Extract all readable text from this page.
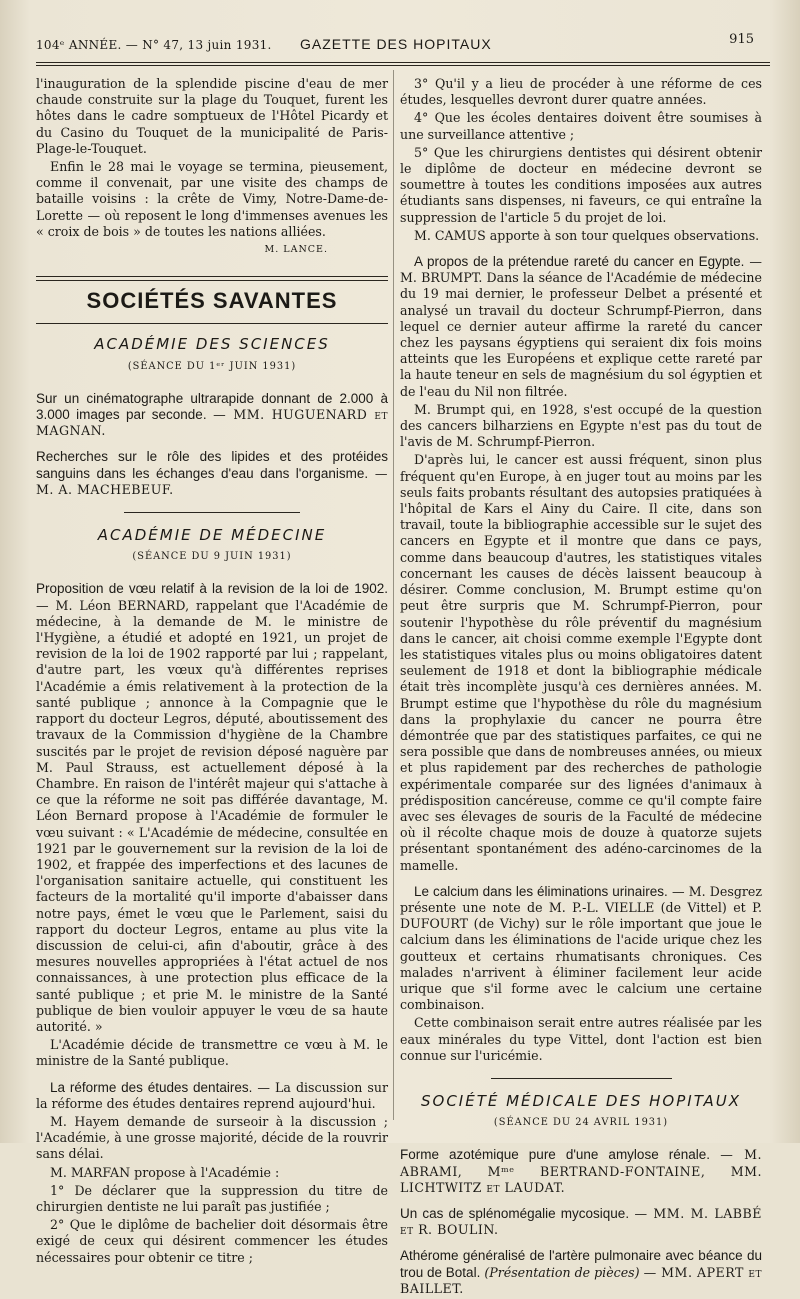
104ᵉ ANNÉE. — N° 47, 13 juin 1931. GAZETTE DES HOPITAUX	915

l'inauguration de la splendide piscine d'eau de mer chaude construite sur la plage du Touquet, furent les hôtes dans le cadre somptueux de l'Hôtel Picardy et du Casino du Touquet de la municipalité de Paris-Plage-le-Touquet.

Enfin le 28 mai le voyage se termina, pieusement, comme il convenait, par une visite des champs de bataille voisins : la crête de Vimy, Notre-Dame-de-Lorette — où reposent le long d'immenses avenues les « croix de bois » de toutes les nations alliées.

M. LANCE.
SOCIÉTÉS SAVANTES
ACADÉMIE DES SCIENCES
(SÉANCE DU 1ᵉʳ JUIN 1931)

Sur un cinématographe ultrarapide donnant de 2.000 à 3.000 images par seconde. — MM. HUGUENARD et MAGNAN.

Recherches sur le rôle des lipides et des protéides sanguins dans les échanges d'eau dans l'organisme. — M. A. MACHEBEUF.

ACADÉMIE DE MÉDECINE
(SÉANCE DU 9 JUIN 1931)

Proposition de vœu relatif à la revision de la loi de 1902. — M. Léon BERNARD, rappelant que l'Académie de médecine, à la demande de M. le ministre de l'Hygiène, a étudié et adopté en 1921, un projet de revision de la loi de 1902 rapporté par lui ; rappelant, d'autre part, les vœux qu'à différentes reprises l'Académie a émis relativement à la protection de la santé publique ; annonce à la Compagnie que le rapport du docteur Legros, député, aboutissement des travaux de la Commission d'hygiène de la Chambre suscités par le projet de revision déposé naguère par M. Paul Strauss, est actuellement déposé à la Chambre. En raison de l'intérêt majeur qui s'attache à ce que la réforme ne soit pas différée davantage, M. Léon Bernard propose à l'Académie de formuler le vœu suivant : « L'Académie de médecine, consultée en 1921 par le gouvernement sur la revision de la loi de 1902, et frappée des imperfections et des lacunes de l'organisation sanitaire actuelle, qui constituent les facteurs de la mortalité qu'il importe d'abaisser dans notre pays, émet le vœu que le Parlement, saisi du rapport du docteur Legros, entame au plus vite la discussion de celui-ci, afin d'aboutir, grâce à des mesures nouvelles appropriées à l'état actuel de nos connaissances, à une protection plus efficace de la santé publique ; et prie M. le ministre de la Santé publique de bien vouloir appuyer le vœu de sa haute autorité. »

L'Académie décide de transmettre ce vœu à M. le ministre de la Santé publique.

La réforme des études dentaires. — La discussion sur la réforme des études dentaires reprend aujourd'hui.

M. Hayem demande de surseoir à la discussion ; l'Académie, à une grosse majorité, décide de la rouvrir sans délai.

M. MARFAN propose à l'Académie :

1° De déclarer que la suppression du titre de chirurgien dentiste ne lui paraît pas justifiée ;

2° Que le diplôme de bachelier doit désormais être exigé de ceux qui désirent commencer les études nécessaires pour obtenir ce titre ;

3° Qu'il y a lieu de procéder à une réforme de ces études, lesquelles devront durer quatre années.

4° Que les écoles dentaires doivent être soumises à une surveillance attentive ;

5° Que les chirurgiens dentistes qui désirent obtenir le diplôme de docteur en médecine devront se soumettre à toutes les conditions imposées aux autres étudiants sans dispenses, ni faveurs, ce qui entraîne la suppression de l'article 5 du projet de loi.

M. CAMUS apporte à son tour quelques observations.

A propos de la prétendue rareté du cancer en Egypte. — M. BRUMPT. Dans la séance de l'Académie de médecine du 19 mai dernier, le professeur Delbet a présenté et analysé un travail du docteur Schrumpf-Pierron, dans lequel ce dernier auteur affirme la rareté du cancer chez les paysans égyptiens qui seraient dix fois moins atteints que les Européens et explique cette rareté par la haute teneur en sels de magnésium du sol égyptien et de l'eau du Nil non filtrée.

M. Brumpt qui, en 1928, s'est occupé de la question des cancers bilharziens en Egypte n'est pas du tout de l'avis de M. Schrumpf-Pierron.

D'après lui, le cancer est aussi fréquent, sinon plus fréquent qu'en Europe, à en juger tout au moins par les seuls faits probants résultant des autopsies pratiquées à l'hôpital de Kars el Ainy du Caire. Il cite, dans son travail, toute la bibliographie accessible sur le sujet des cancers en Egypte et il montre que dans ce pays, comme dans beaucoup d'autres, les statistiques vitales concernant les causes de décès laissent beaucoup à désirer. Comme conclusion, M. Brumpt estime qu'on peut être surpris que M. Schrumpf-Pierron, pour soutenir l'hypothèse du rôle préventif du magnésium dans le cancer, ait choisi comme exemple l'Egypte dont les statistiques vitales plus ou moins obligatoires datent seulement de 1918 et dont la bibliographie médicale était très incomplète jusqu'à ces dernières années. M. Brumpt estime que l'hypothèse du rôle du magnésium dans la prophylaxie du cancer ne pourra être démontrée que par des statistiques parfaites, ce qui ne sera possible que dans de nombreuses années, ou mieux et plus rapidement par des recherches de pathologie expérimentale comparée sur des lignées d'animaux à prédisposition cancéreuse, comme ce qu'il compte faire avec ses élevages de souris de la Faculté de médecine où il récolte chaque mois de douze à quatorze sujets présentant spontanément des adéno-carcinomes de la mamelle.

Le calcium dans les éliminations urinaires. — M. Desgrez présente une note de M. P.-L. VIELLE (de Vittel) et P. DUFOURT (de Vichy) sur le rôle important que joue le calcium dans les éliminations de l'acide urique chez les goutteux et certains rhumatisants chroniques. Ces malades n'arrivent à éliminer facilement leur acide urique que s'il forme avec le calcium une certaine combinaison.

Cette combinaison serait entre autres réalisée par les eaux minérales du type Vittel, dont l'action est bien connue sur l'uricémie.

SOCIÉTÉ MÉDICALE DES HOPITAUX
(SÉANCE DU 24 AVRIL 1931)

Forme azotémique pure d'une amylose rénale. — M. ABRAMI, Mᵐᵉ BERTRAND-FONTAINE, MM. LICHTWITZ et LAUDAT.

Un cas de splénomégalie mycosique. — MM. M. LABBÉ et R. BOULIN.

Athérome généralisé de l'artère pulmonaire avec béance du trou de Botal. (Présentation de pièces) — MM. APERT et BAILLET.
